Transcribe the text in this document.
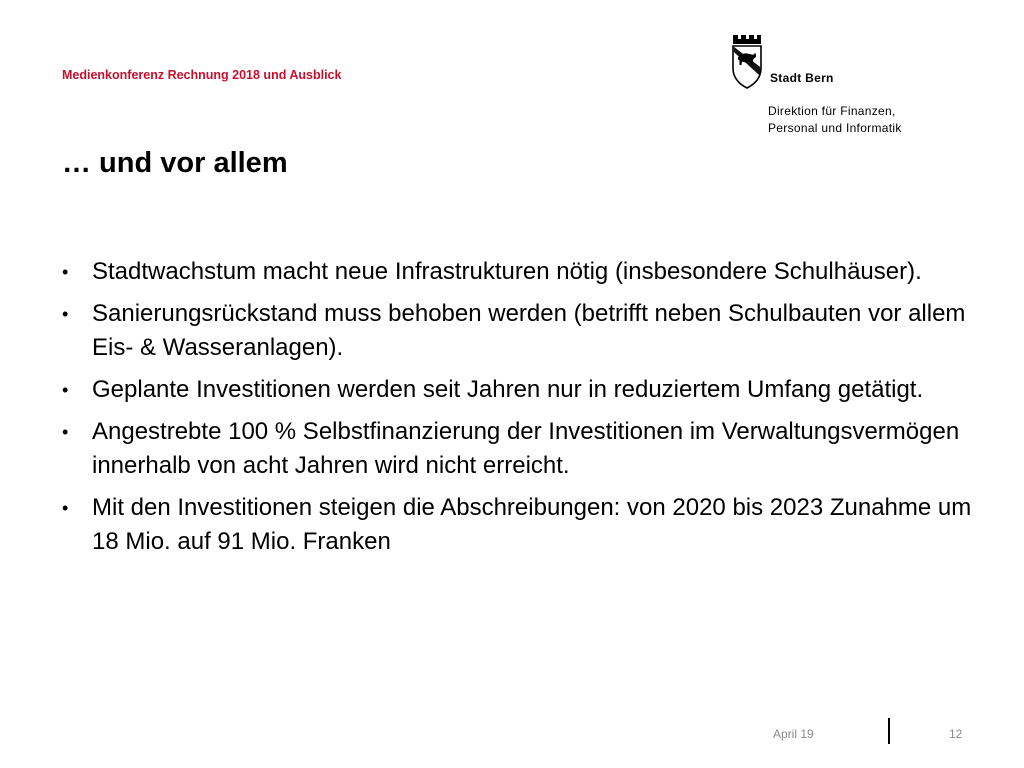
Medienkonferenz Rechnung 2018 und Ausblick	Stadt Bern
Direktion für Finanzen,
Personal und Informatik
… und vor allem
• Stadtwachstum macht neue Infrastrukturen nötig (insbesondere Schulhäuser).
• Sanierungsrückstand muss behoben werden (betrifft neben Schulbauten vor allem Eis- & Wasseranlagen).
• Geplante Investitionen werden seit Jahren nur in reduziertem Umfang getätigt.
• Angestrebte 100 % Selbstfinanzierung der Investitionen im Verwaltungsvermögen innerhalb von acht Jahren wird nicht erreicht.
• Mit den Investitionen steigen die Abschreibungen: von 2020 bis 2023 Zunahme um 18 Mio. auf 91 Mio. Franken
April 19	12
